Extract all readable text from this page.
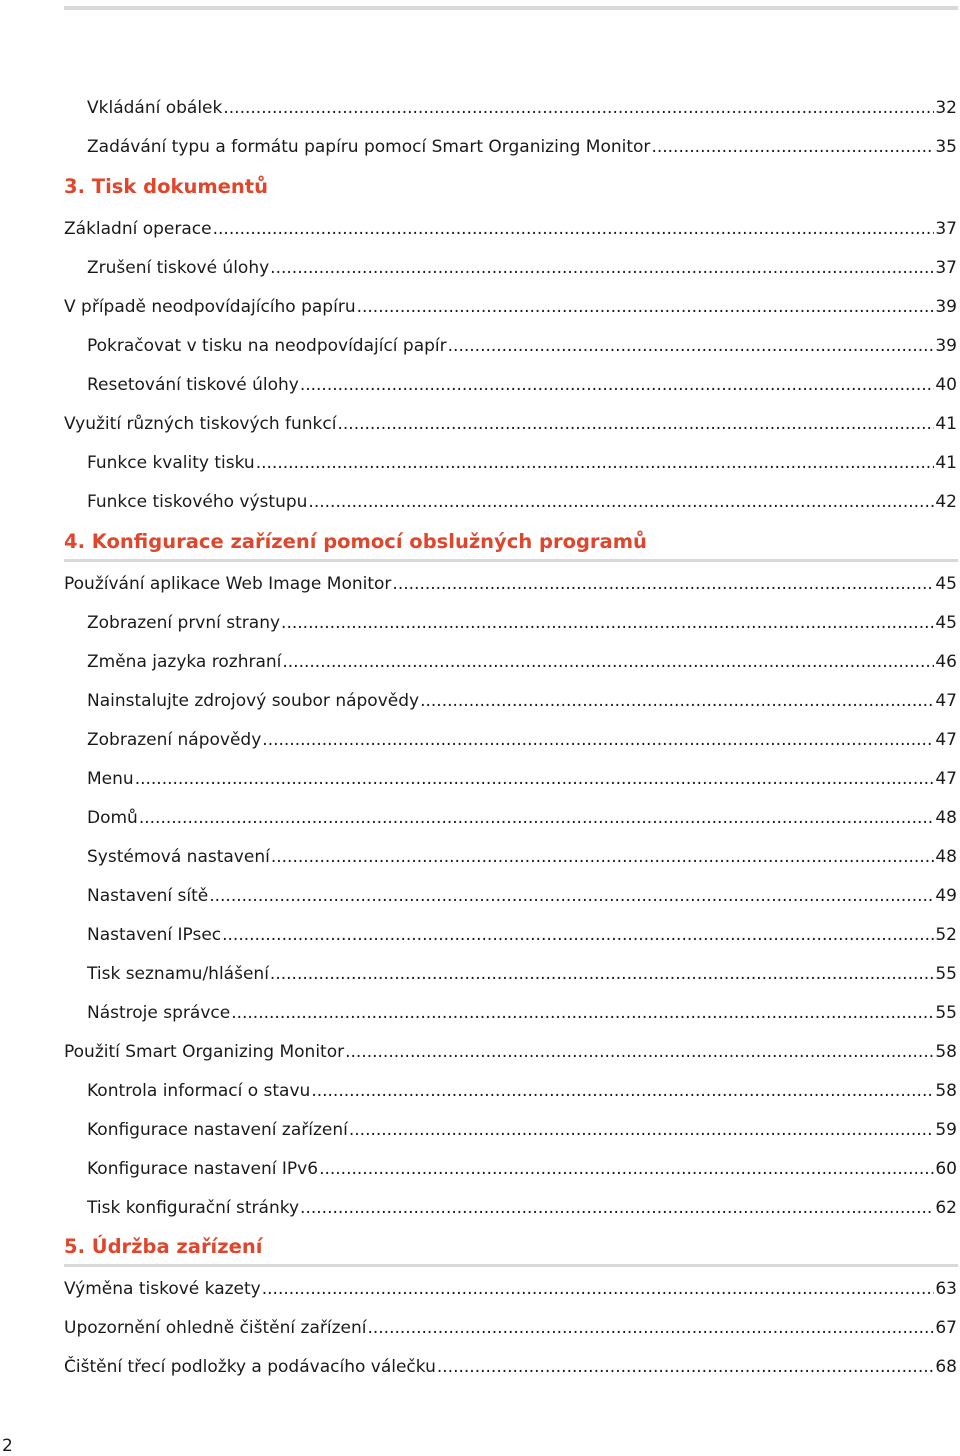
Vkládání obálek .....	32
Zadávání typu a formátu papíru pomocí Smart Organizing Monitor .....	35
3. Tisk dokumentů
Základní operace .....	37
Zrušení tiskové úlohy .....	37
V případě neodpovídajícího papíru .....	39
Pokračovat v tisku na neodpovídající papír .....	39
Resetování tiskové úlohy .....	40
Využití různých tiskových funkcí .....	41
Funkce kvality tisku .....	41
Funkce tiskového výstupu .....	42
4. Konfigurace zařízení pomocí obslužných programů
Používání aplikace Web Image Monitor .....	45
Zobrazení první strany .....	45
Změna jazyka rozhraní .....	46
Nainstalujte zdrojový soubor nápovědy .....	47
Zobrazení nápovědy .....	47
Menu .....	47
Domů .....	48
Systémová nastavení .....	48
Nastavení sítě .....	49
Nastavení IPsec .....	52
Tisk seznamu/hlášení .....	55
Nástroje správce .....	55
Použití Smart Organizing Monitor .....	58
Kontrola informací o stavu .....	58
Konfigurace nastavení zařízení .....	59
Konfigurace nastavení IPv6 .....	60
Tisk konfigurační stránky .....	62
5. Údržba zařízení
Výměna tiskové kazety .....	63
Upozornění ohledně čištění zařízení .....	67
Čištění třecí podložky a podávacího válečku .....	68
2
